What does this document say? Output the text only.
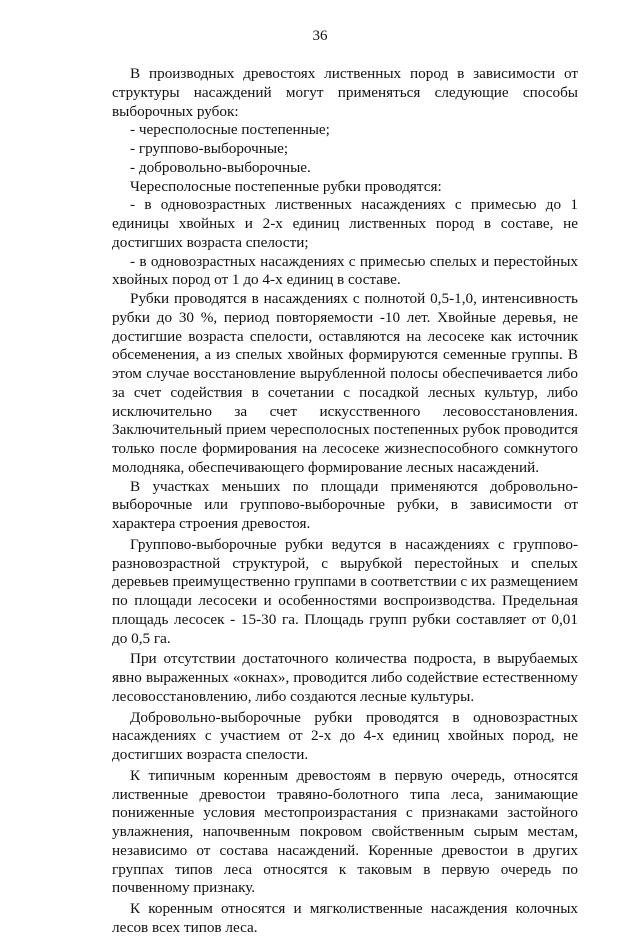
36

В производных древостоях лиственных пород в зависимости от структуры насаждений могут применяться следующие способы выборочных рубок:

- чересполосные постепенные;

- группово-выборочные;

- добровольно-выборочные.

Чересполосные постепенные рубки проводятся:

- в одновозрастных лиственных насаждениях с примесью до 1 единицы хвойных и 2-х единиц лиственных пород в составе, не достигших возраста спелости;

- в одновозрастных насаждениях с примесью спелых и перестойных хвойных пород от 1 до 4-х единиц в составе.

Рубки проводятся в насаждениях с полнотой 0,5-1,0, интенсивность рубки до 30 %, период повторяемости -10 лет. Хвойные деревья, не достигшие возраста спелости, оставляются на лесосеке как источник обсеменения, а из спелых хвойных формируются семенные группы. В этом случае восстановление вырубленной полосы обеспечивается либо за счет содействия в сочетании с посадкой лесных культур, либо исключительно за счет искусственного лесовосстановления. Заключительный прием чересполосных постепенных рубок проводится только после формирования на лесосеке жизнеспособного сомкнутого молодняка, обеспечивающего формирование лесных насаждений.

В участках меньших по площади применяются добровольно-выборочные или группово-выборочные рубки, в зависимости от характера строения древостоя.

Группово-выборочные рубки ведутся в насаждениях с группово-разновозрастной структурой, с вырубкой перестойных и спелых деревьев преимущественно группами в соответствии с их размещением по площади лесосеки и особенностями воспроизводства. Предельная площадь лесосек - 15-30 га. Площадь групп рубки составляет от 0,01 до 0,5 га.

При отсутствии достаточного количества подроста, в вырубаемых явно выраженных «окнах», проводится либо содействие естественному лесовосстановлению, либо создаются лесные культуры.

Добровольно-выборочные рубки проводятся в одновозрастных насаждениях с участием от 2-х до 4-х единиц хвойных пород, не достигших возраста спелости.

К типичным коренным древостоям в первую очередь, относятся лиственные древостои травяно-болотного типа леса, занимающие пониженные условия местопроизрастания с признаками застойного увлажнения, напочвенным покровом свойственным сырым местам, независимо от состава насаждений. Коренные древостои в других группах типов леса относятся к таковым в первую очередь по почвенному признаку.

К коренным относятся и мягколиственные насаждения колочных лесов всех типов леса.
